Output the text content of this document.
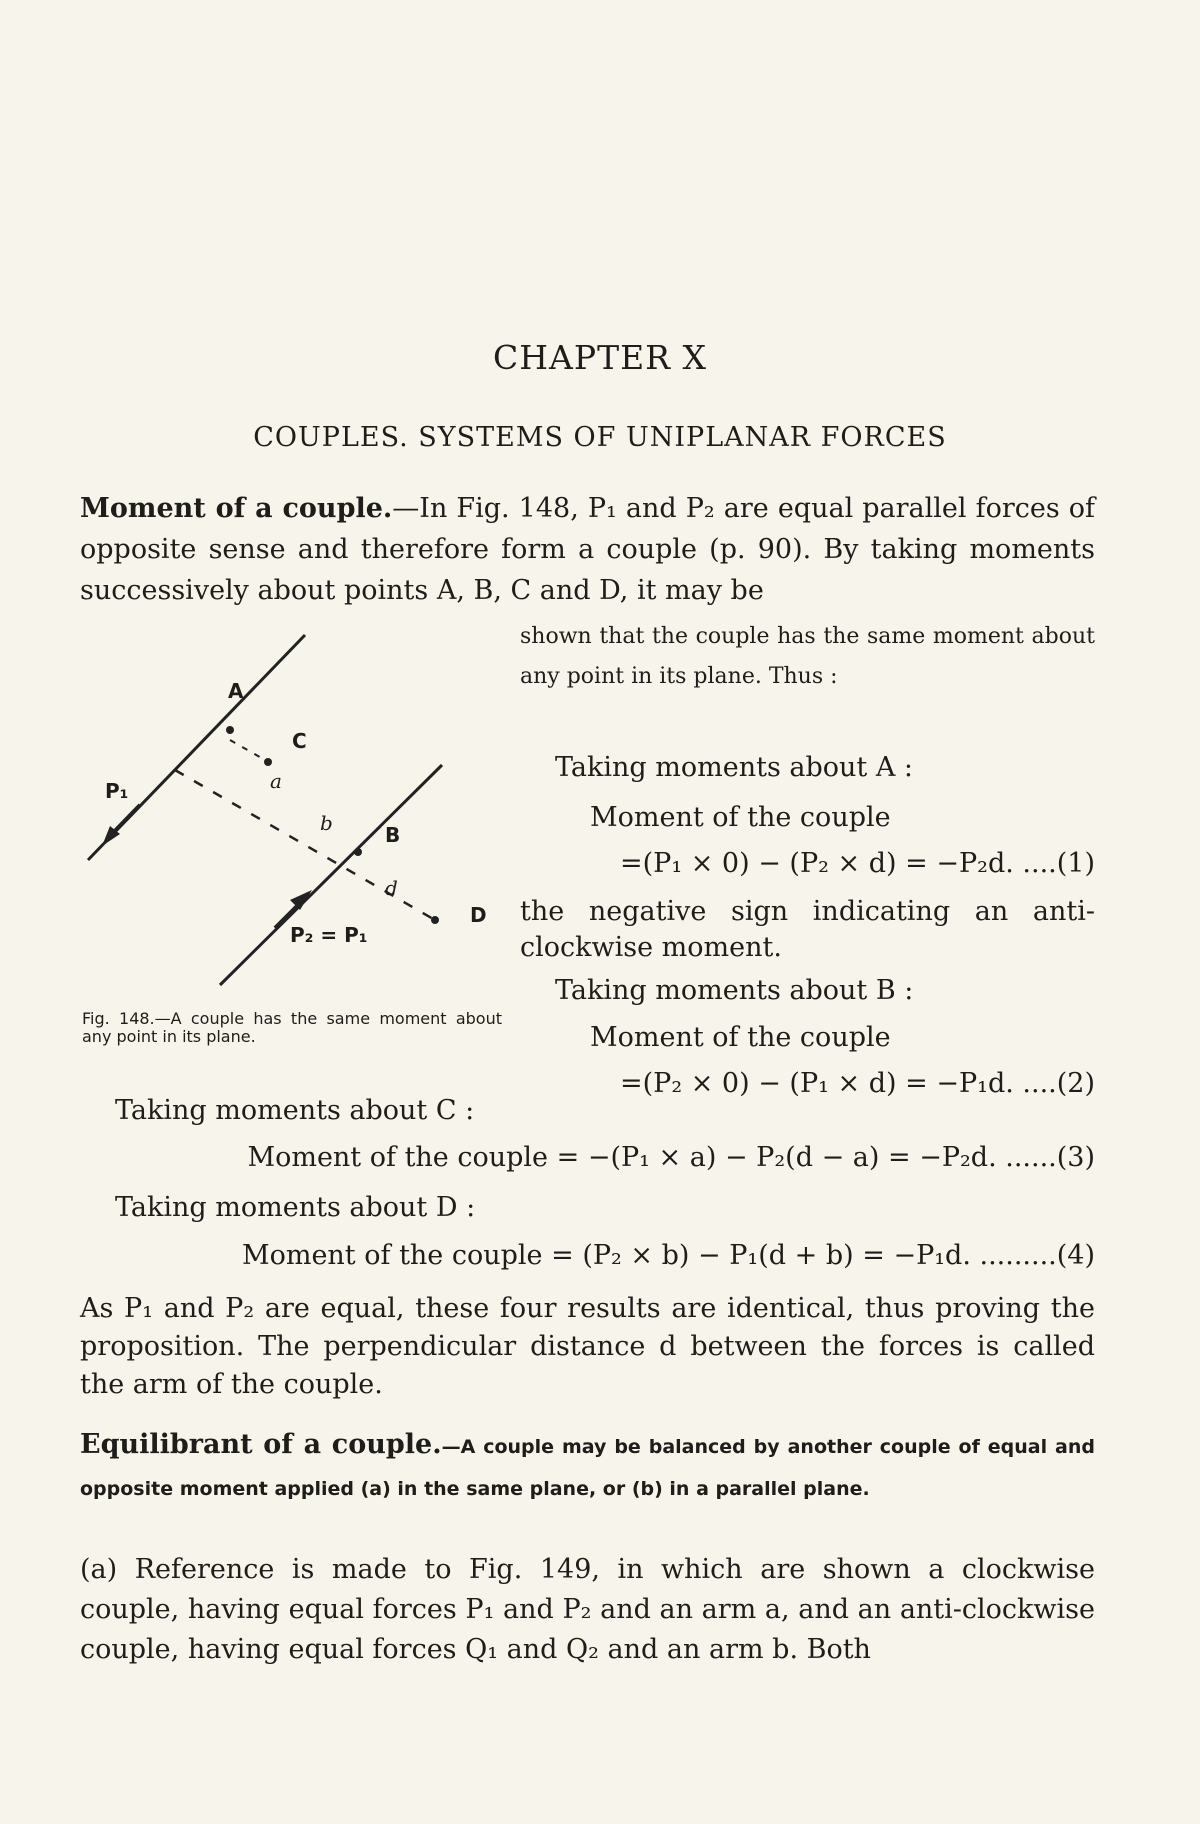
CHAPTER X
COUPLES. SYSTEMS OF UNIPLANAR FORCES
Moment of a couple.—In Fig. 148, P₁ and P₂ are equal parallel forces of opposite sense and therefore form a couple (p. 90). By taking moments successively about points A, B, C and D, it may be
shown that the couple has the same moment about any point in its plane. Thus :
A
C
B
D
P₁
P₂ = P₁
d
a
b
Fig. 148.—A couple has the same moment about any point in its plane.
Taking moments about A :
Moment of the couple
=(P₁ × 0) − (P₂ × d) = −P₂d. ....(1)
the negative sign indicating an anti-clockwise moment.
Taking moments about B :
Moment of the couple
=(P₂ × 0) − (P₁ × d) = −P₁d. ....(2)
Taking moments about C :
Moment of the couple = −(P₁ × a) − P₂(d − a) = −P₂d. ......(3)
Taking moments about D :
Moment of the couple = (P₂ × b) − P₁(d + b) = −P₁d. .........(4)
As P₁ and P₂ are equal, these four results are identical, thus proving the proposition. The perpendicular distance d between the forces is called the arm of the couple.
Equilibrant of a couple.—A couple may be balanced by another couple of equal and opposite moment applied (a) in the same plane, or (b) in a parallel plane.
(a) Reference is made to Fig. 149, in which are shown a clockwise couple, having equal forces P₁ and P₂ and an arm a, and an anti-clockwise couple, having equal forces Q₁ and Q₂ and an arm b. Both
